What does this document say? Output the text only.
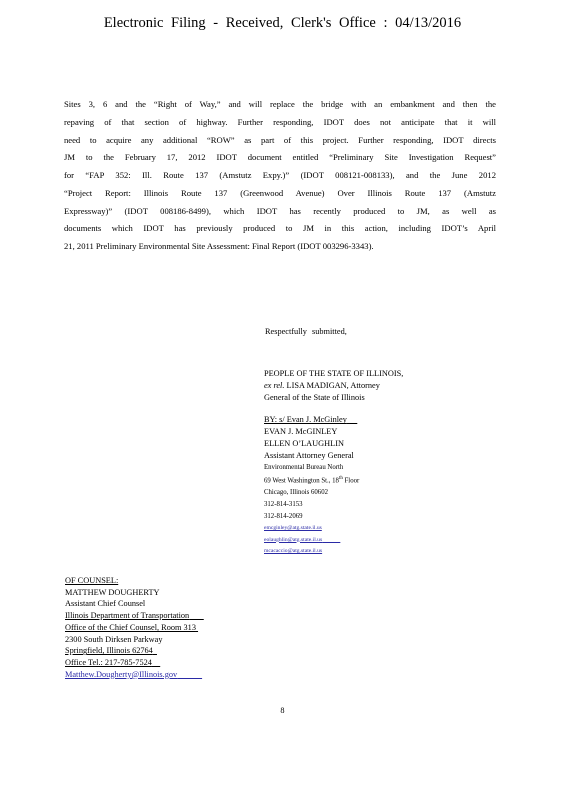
Electronic Filing - Received, Clerk's Office : 04/13/2016
Sites 3, 6 and the “Right of Way,” and will replace the bridge with an embankment and then the
repaving of that section of highway. Further responding, IDOT does not anticipate that it will
need to acquire any additional “ROW” as part of this project. Further responding, IDOT directs
JM to the February 17, 2012 IDOT document entitled “Preliminary Site Investigation Request”
for “FAP 352: Ill. Route 137 (Amstutz Expy.)” (IDOT 008121-008133), and the June 2012
“Project Report: Illinois Route 137 (Greenwood Avenue) Over Illinois Route 137 (Amstutz
Expressway)” (IDOT 008186-8499), which IDOT has recently produced to JM, as well as
documents which IDOT has previously produced to JM in this action, including IDOT’s April
21, 2011 Preliminary Environmental Site Assessment: Final Report (IDOT 003296-3343).
Respectfully submitted,
PEOPLE OF THE STATE OF ILLINOIS,
ex rel. LISA MADIGAN, Attorney
General of the State of Illinois
BY: s/ Evan J. McGinley
EVAN J. McGINLEY
ELLEN O’LAUGHLIN
Assistant Attorney General
Environmental Bureau North
69 West Washington St., 18th Floor
Chicago, Illinois 60602
312-814-3153
312-814-2069
emcginley@atg.state.il.us
eolaughlin@atg.state.il.us
mcacaccio@atg.state.il.us
OF COUNSEL:
MATTHEW DOUGHERTY
Assistant Chief Counsel
Illinois Department of Transportation
Office of the Chief Counsel, Room 313
2300 South Dirksen Parkway
Springfield, Illinois 62764
Office Tel.: 217-785-7524
Matthew.Dougherty@Illinois.gov
8
